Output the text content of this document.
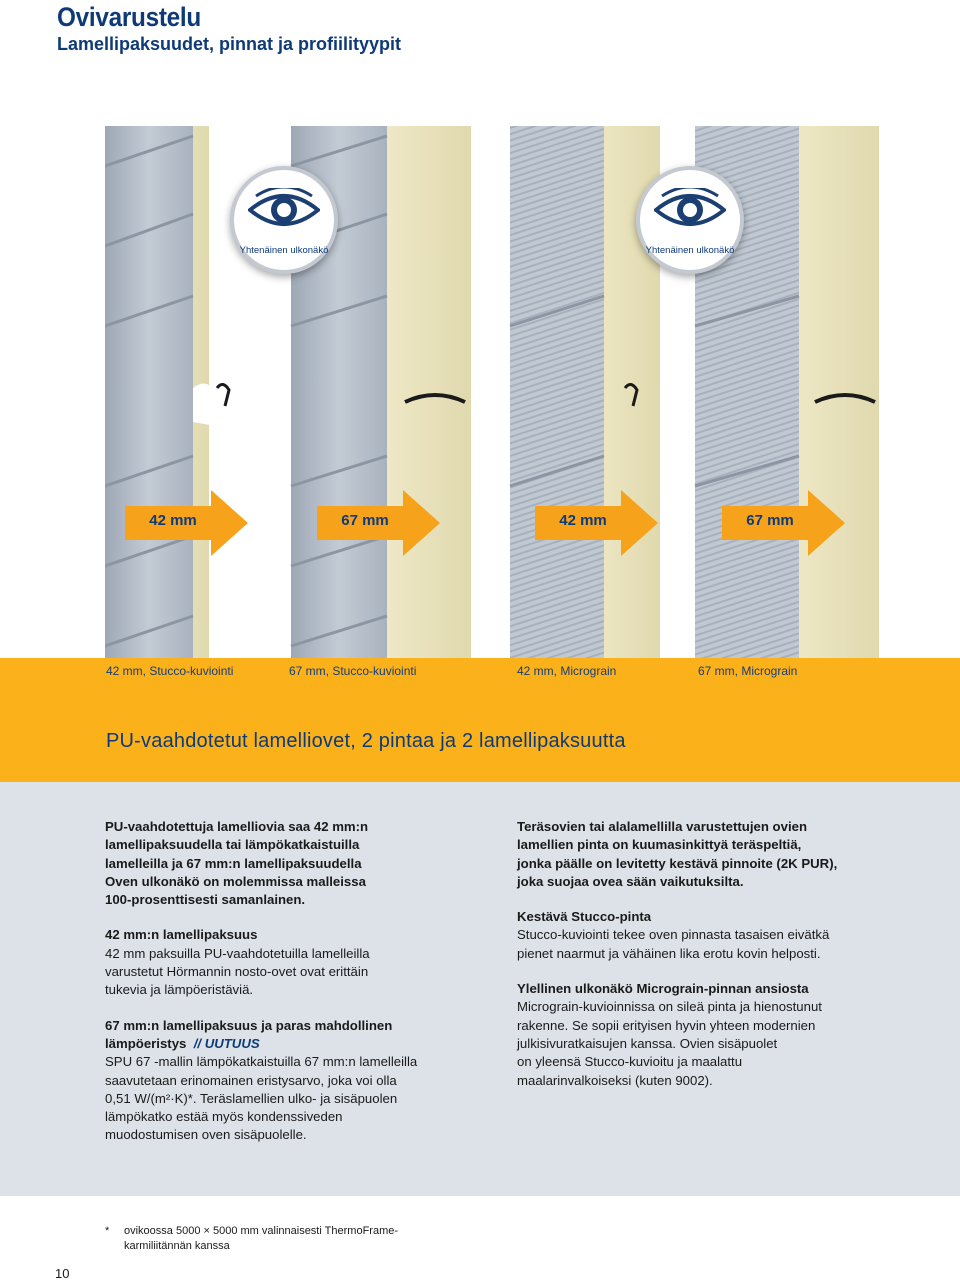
Ovivarustelu
Lamellipaksuudet, pinnat ja profiilityypit
Yhtenäinen ulkonäkö	Yhtenäinen ulkonäkö
42 mm	67 mm	42 mm	67 mm
42 mm, Stucco-kuviointi	67 mm, Stucco-kuviointi	42 mm, Micrograin	67 mm, Micrograin
PU-vaahdotetut lamelliovet, 2 pintaa ja 2 lamellipaksuutta

PU-vaahdotettuja lamelliovia saa 42 mm:n
lamellipaksuudella tai lämpökatkaistuilla
lamelleilla ja 67 mm:n lamellipaksuudella
Oven ulkonäkö on molemmissa malleissa
100-prosenttisesti samanlainen.

42 mm:n lamellipaksuus
42 mm paksuilla PU-vaahdotetuilla lamelleilla
varustetut Hörmannin nosto-ovet ovat erittäin
tukevia ja lämpöeristäviä.

67 mm:n lamellipaksuus ja paras mahdollinen
lämpöeristys // UUTUUS
SPU 67 -mallin lämpökatkaistuilla 67 mm:n lamelleilla
saavutetaan erinomainen eristysarvo, joka voi olla
0,51 W/(m²·K)*. Teräslamellien ulko- ja sisäpuolen
lämpökatko estää myös kondenssiveden
muodostumisen oven sisäpuolelle.

Teräsovien tai alalamellilla varustettujen ovien
lamellien pinta on kuumasinkittyä teräspeltiä,
jonka päälle on levitetty kestävä pinnoite (2K PUR),
joka suojaa ovea sään vaikutuksilta.

Kestävä Stucco-pinta
Stucco-kuviointi tekee oven pinnasta tasaisen eivätkä
pienet naarmut ja vähäinen lika erotu kovin helposti.

Ylellinen ulkonäkö Micrograin-pinnan ansiosta
Micrograin-kuvioinnissa on sileä pinta ja hienostunut
rakenne. Se sopii erityisen hyvin yhteen modernien
julkisivuratkaisujen kanssa. Ovien sisäpuolet
on yleensä Stucco-kuvioitu ja maalattu
maalarinvalkoiseksi (kuten 9002).

* ovikoossa 5000 × 5000 mm valinnaisesti ThermoFrame-
karmiliitännän kanssa
10
